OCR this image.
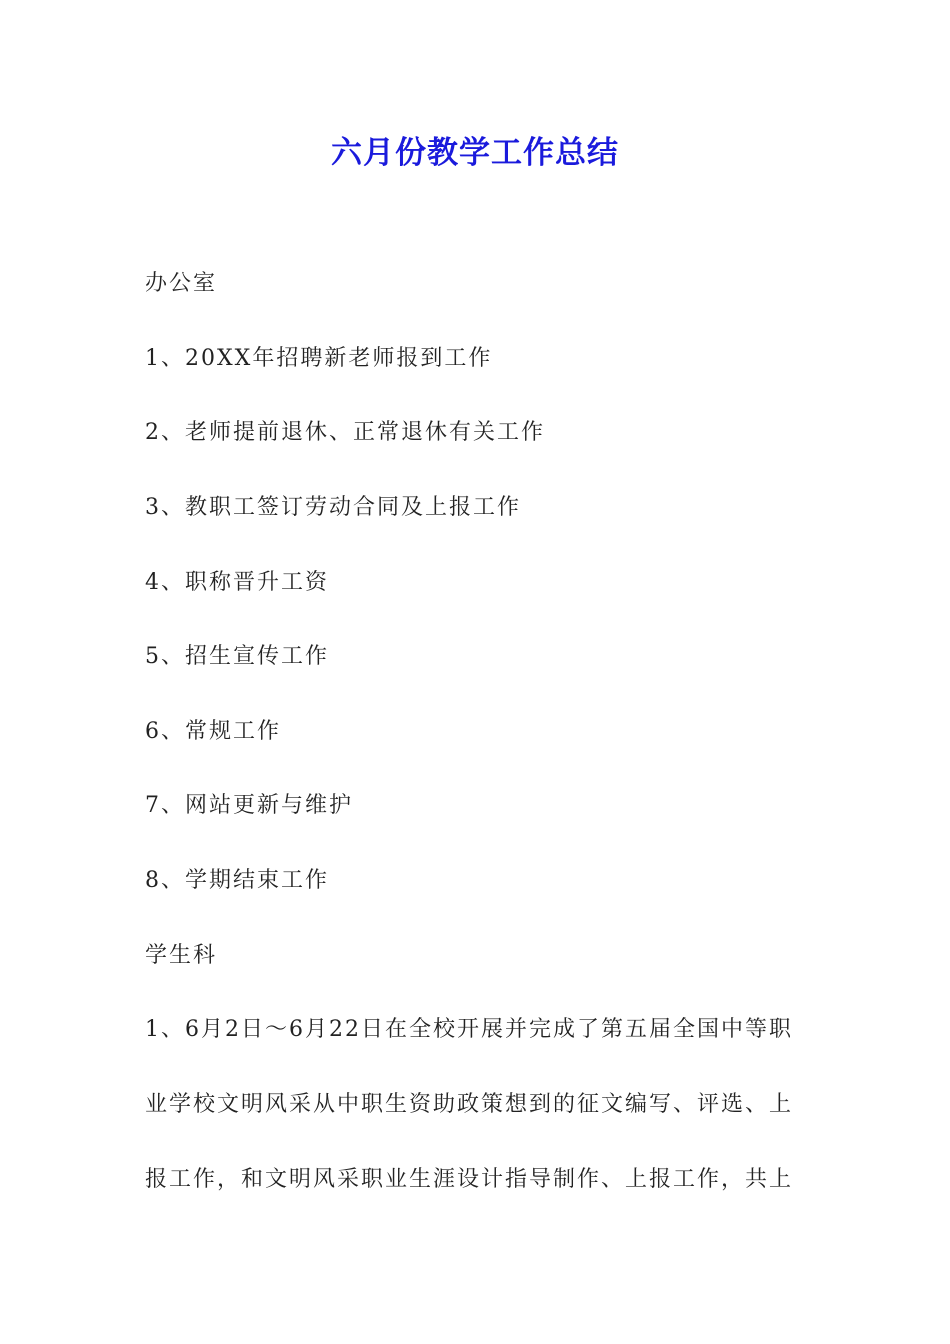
六月份教学工作总结
办公室
1、20XX年招聘新老师报到工作
2、老师提前退休、正常退休有关工作
3、教职工签订劳动合同及上报工作
4、职称晋升工资
5、招生宣传工作
6、常规工作
7、网站更新与维护
8、学期结束工作
学生科
1、6月2日～6月22日在全校开展并完成了第五届全国中等职
业学校文明风采从中职生资助政策想到的征文编写、评选、上
报工作，和文明风采职业生涯设计指导制作、上报工作，共上
